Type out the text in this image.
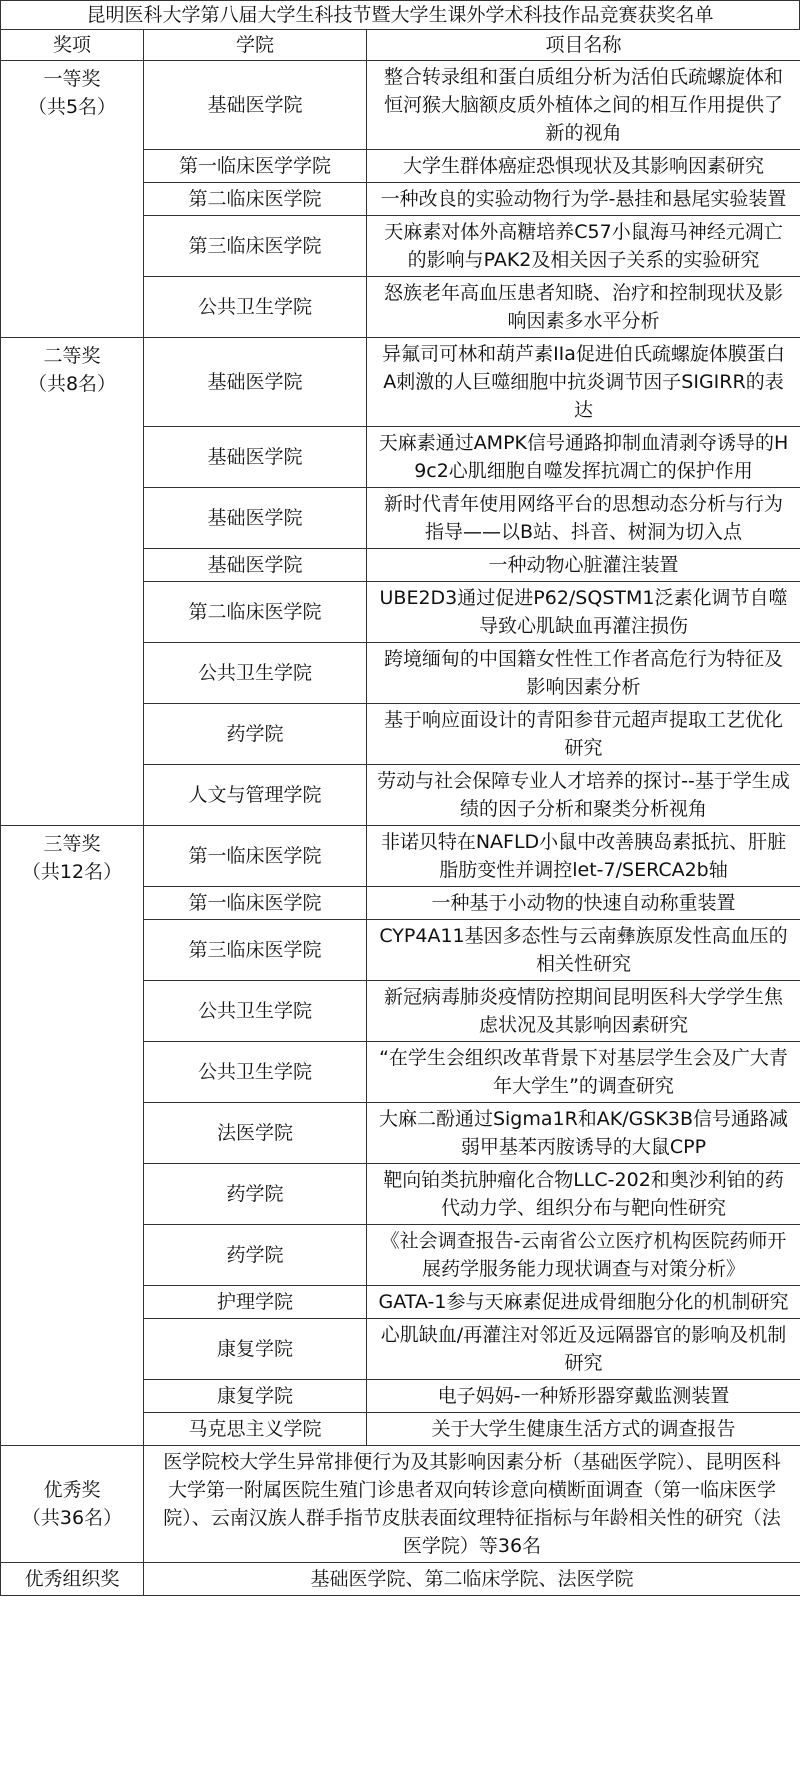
昆明医科大学第八届大学生科技节暨大学生课外学术科技作品竞赛获奖名单
奖项	学院	项目名称

一等奖
（共5名）	基础医学院	整合转录组和蛋白质组分析为活伯氏疏螺旋体和恒河猴大脑额皮质外植体之间的相互作用提供了新的视角
	第一临床医学学院	大学生群体癌症恐惧现状及其影响因素研究
	第二临床医学院	一种改良的实验动物行为学-悬挂和悬尾实验装置
	第三临床医学院	天麻素对体外高糖培养C57小鼠海马神经元凋亡的影响与PAK2及相关因子关系的实验研究
	公共卫生学院	怒族老年高血压患者知晓、治疗和控制现状及影响因素多水平分析

二等奖
（共8名）	基础医学院	异氟司可林和葫芦素IIa促进伯氏疏螺旋体膜蛋白A刺激的人巨噬细胞中抗炎调节因子SIGIRR的表达
	基础医学院	天麻素通过AMPK信号通路抑制血清剥夺诱导的H9c2心肌细胞自噬发挥抗凋亡的保护作用
	基础医学院	新时代青年使用网络平台的思想动态分析与行为指导——以B站、抖音、树洞为切入点
	基础医学院	一种动物心脏灌注装置
	第二临床医学院	UBE2D3通过促进P62/SQSTM1泛素化调节自噬导致心肌缺血再灌注损伤
	公共卫生学院	跨境缅甸的中国籍女性性工作者高危行为特征及影响因素分析
	药学院	基于响应面设计的青阳参苷元超声提取工艺优化研究
	人文与管理学院	劳动与社会保障专业人才培养的探讨--基于学生成绩的因子分析和聚类分析视角

三等奖
（共12名）	第一临床医学院	非诺贝特在NAFLD小鼠中改善胰岛素抵抗、肝脏脂肪变性并调控let-7/SERCA2b轴
	第一临床医学院	一种基于小动物的快速自动称重装置
	第三临床医学院	CYP4A11基因多态性与云南彝族原发性高血压的相关性研究
	公共卫生学院	新冠病毒肺炎疫情防控期间昆明医科大学学生焦虑状况及其影响因素研究
	公共卫生学院	“在学生会组织改革背景下对基层学生会及广大青年大学生”的调查研究
	法医学院	大麻二酚通过Sigma1R和AK/GSK3B信号通路减弱甲基苯丙胺诱导的大鼠CPP
	药学院	靶向铂类抗肿瘤化合物LLC-202和奥沙利铂的药代动力学、组织分布与靶向性研究
	药学院	《社会调查报告-云南省公立医疗机构医院药师开展药学服务能力现状调查与对策分析》
	护理学院	GATA-1参与天麻素促进成骨细胞分化的机制研究
	康复学院	心肌缺血/再灌注对邻近及远隔器官的影响及机制研究
	康复学院	电子妈妈-一种矫形器穿戴监测装置
	马克思主义学院	关于大学生健康生活方式的调查报告

优秀奖
（共36名）	医学院校大学生异常排便行为及其影响因素分析（基础医学院）、昆明医科大学第一附属医院生殖门诊患者双向转诊意向横断面调查（第一临床医学院）、云南汉族人群手指节皮肤表面纹理特征指标与年龄相关性的研究（法医学院）等36名	
优秀组织奖	基础医学院、第二临床学院、法医学院	
